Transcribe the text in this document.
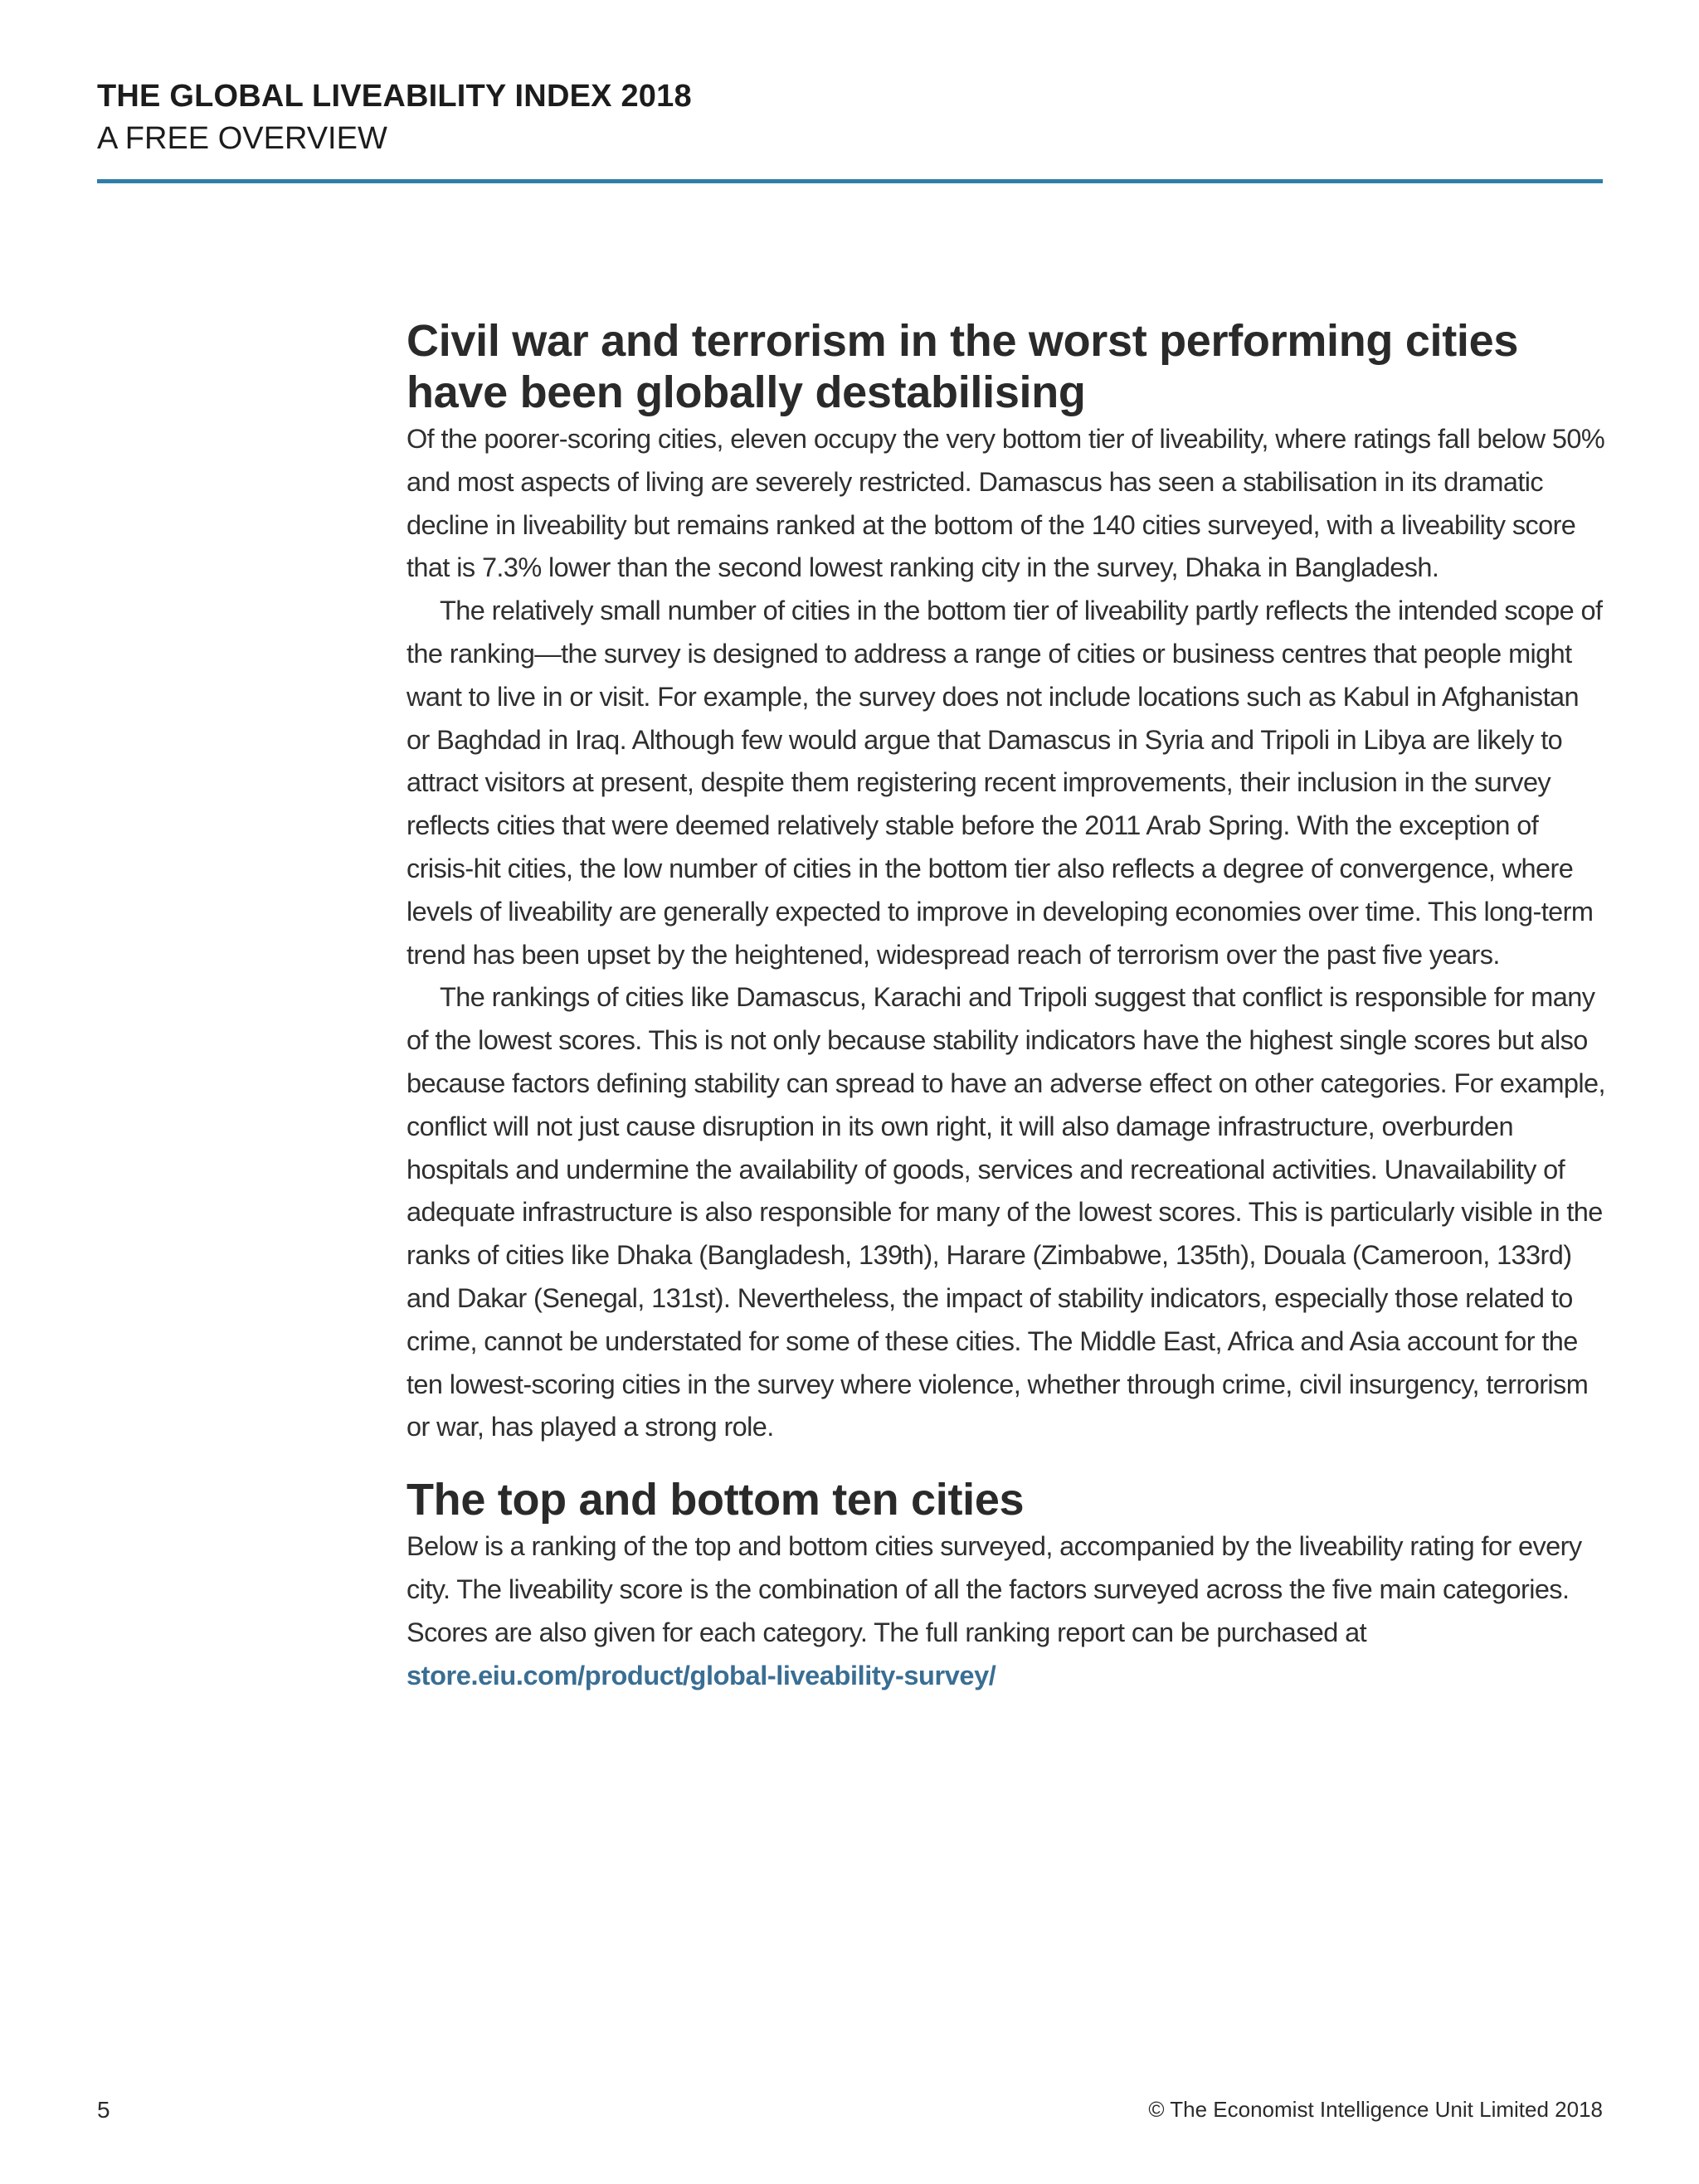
THE GLOBAL LIVEABILITY INDEX 2018
A FREE OVERVIEW
Civil war and terrorism in the worst performing cities have been globally destabilising

Of the poorer-scoring cities, eleven occupy the very bottom tier of liveability, where ratings fall below 50% and most aspects of living are severely restricted. Damascus has seen a stabilisation in its dramatic decline in liveability but remains ranked at the bottom of the 140 cities surveyed, with a liveability score that is 7.3% lower than the second lowest ranking city in the survey, Dhaka in Bangladesh.

The relatively small number of cities in the bottom tier of liveability partly reflects the intended scope of the ranking—the survey is designed to address a range of cities or business centres that people might want to live in or visit. For example, the survey does not include locations such as Kabul in Afghanistan or Baghdad in Iraq. Although few would argue that Damascus in Syria and Tripoli in Libya are likely to attract visitors at present, despite them registering recent improvements, their inclusion in the survey reflects cities that were deemed relatively stable before the 2011 Arab Spring. With the exception of crisis-hit cities, the low number of cities in the bottom tier also reflects a degree of convergence, where levels of liveability are generally expected to improve in developing economies over time. This long-term trend has been upset by the heightened, widespread reach of terrorism over the past five years.

The rankings of cities like Damascus, Karachi and Tripoli suggest that conflict is responsible for many of the lowest scores. This is not only because stability indicators have the highest single scores but also because factors defining stability can spread to have an adverse effect on other categories. For example, conflict will not just cause disruption in its own right, it will also damage infrastructure, overburden hospitals and undermine the availability of goods, services and recreational activities. Unavailability of adequate infrastructure is also responsible for many of the lowest scores. This is particularly visible in the ranks of cities like Dhaka (Bangladesh, 139th), Harare (Zimbabwe, 135th), Douala (Cameroon, 133rd) and Dakar (Senegal, 131st). Nevertheless, the impact of stability indicators, especially those related to crime, cannot be understated for some of these cities. The Middle East, Africa and Asia account for the ten lowest-scoring cities in the survey where violence, whether through crime, civil insurgency, terrorism or war, has played a strong role.

The top and bottom ten cities

Below is a ranking of the top and bottom cities surveyed, accompanied by the liveability rating for every city. The liveability score is the combination of all the factors surveyed across the five main categories. Scores are also given for each category. The full ranking report can be purchased at
store.eiu.com/product/global-liveability-survey/

5	© The Economist Intelligence Unit Limited 2018
